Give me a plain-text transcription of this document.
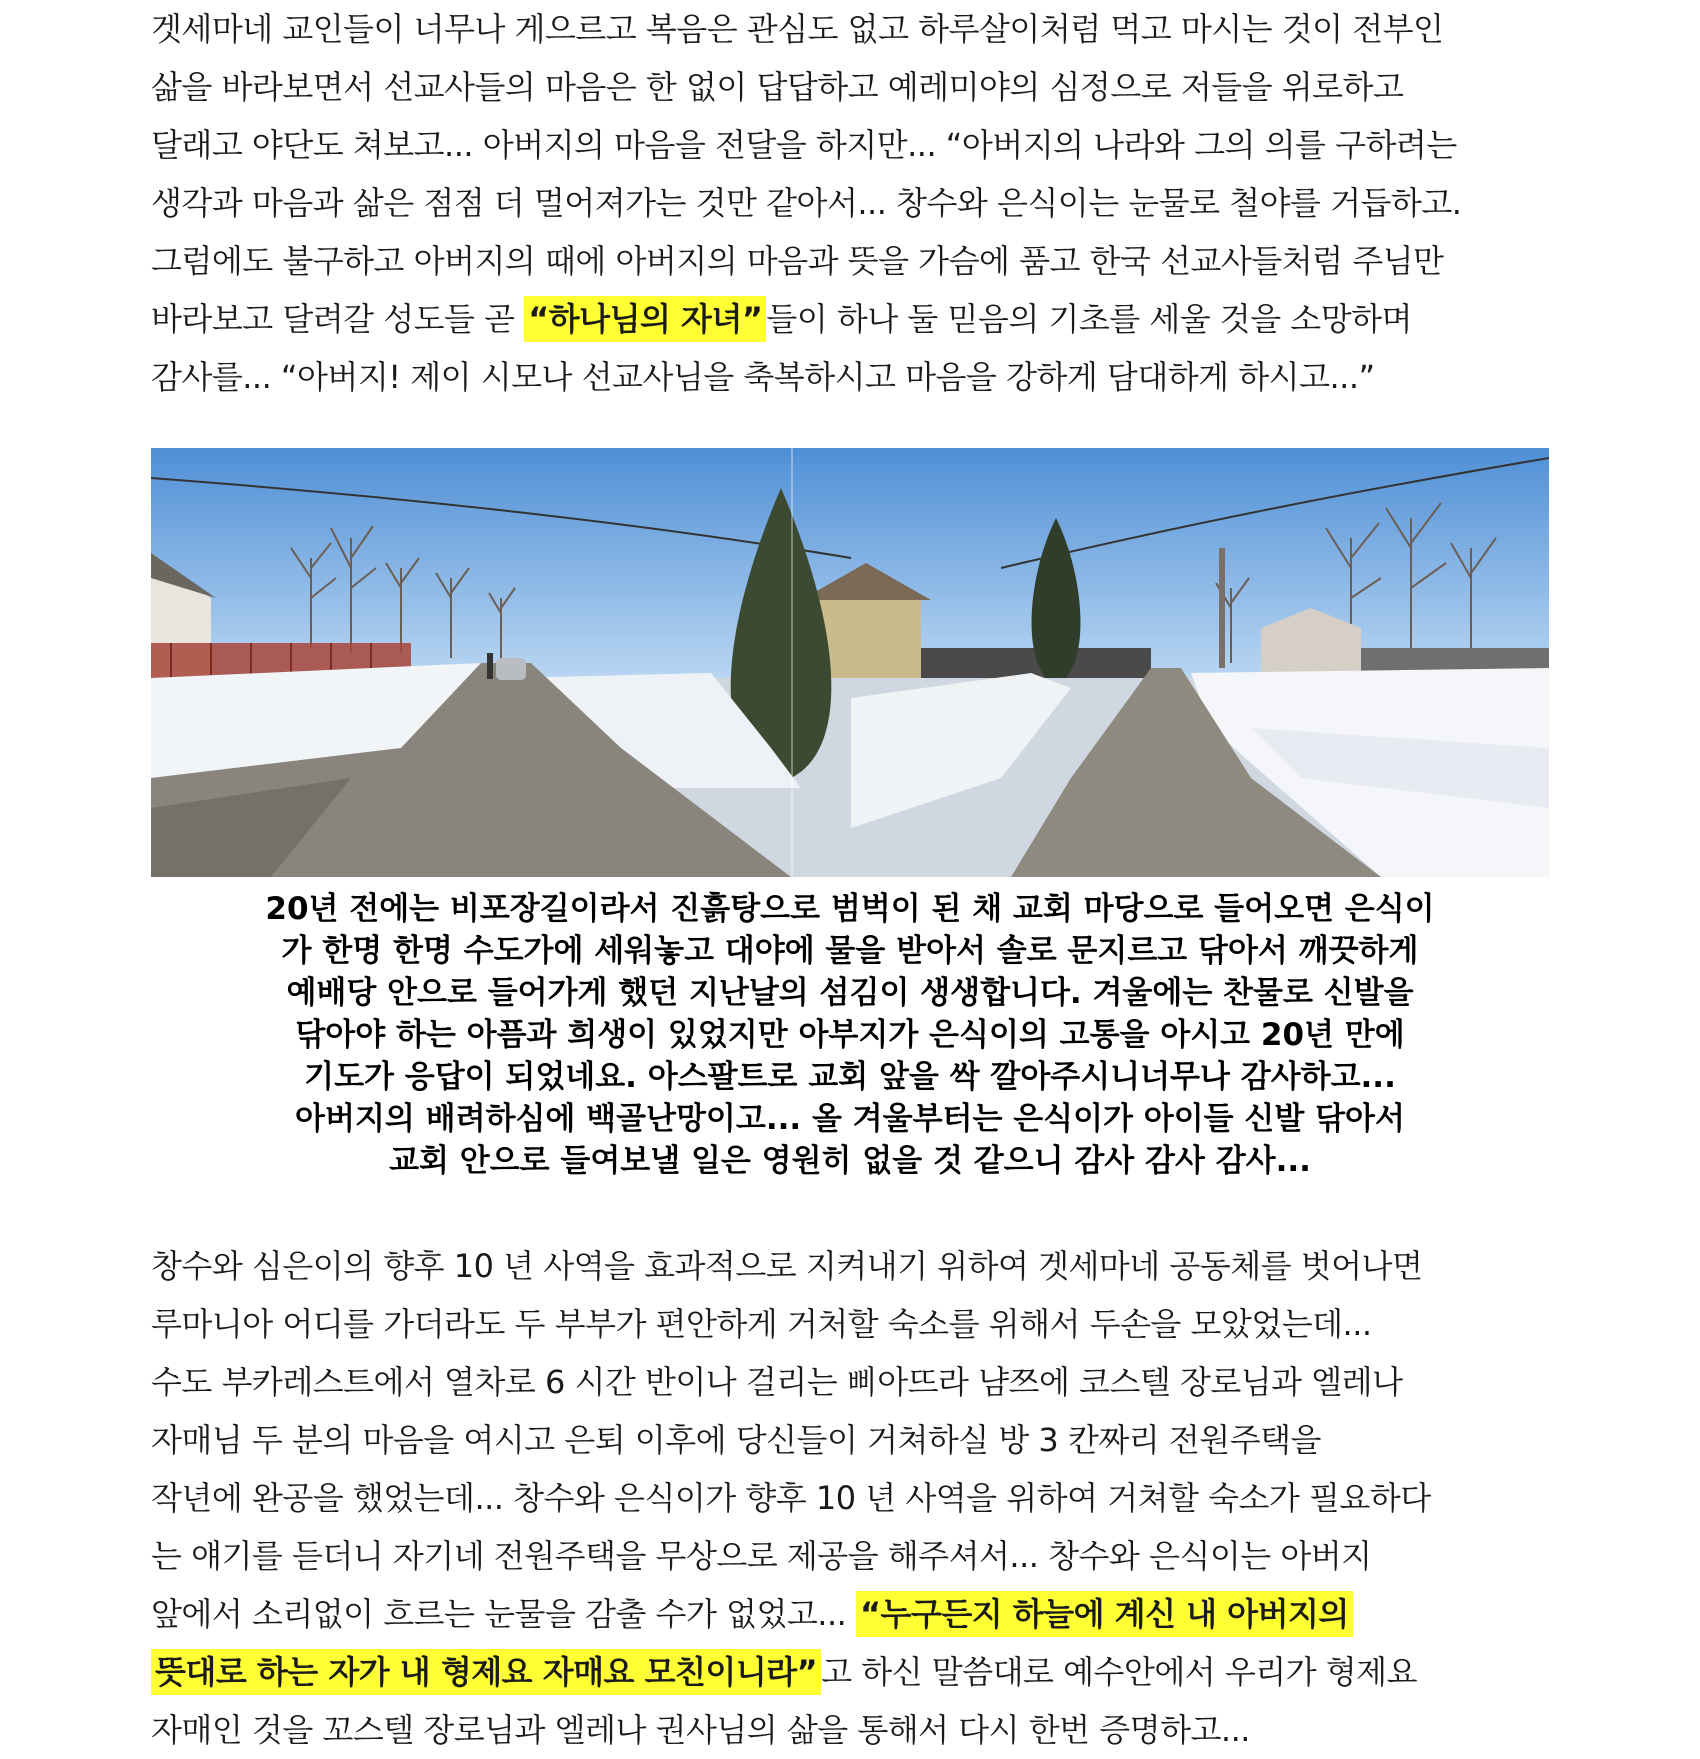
겟세마네 교인들이 너무나 게으르고 복음은 관심도 없고 하루살이처럼 먹고 마시는 것이 전부인
삶을 바라보면서 선교사들의 마음은 한 없이 답답하고 예레미야의 심정으로 저들을 위로하고
달래고 야단도 쳐보고... 아버지의 마음을 전달을 하지만... “아버지의 나라와 그의 의를 구하려는
생각과 마음과 삶은 점점 더 멀어져가는 것만 같아서... 창수와 은식이는 눈물로 철야를 거듭하고.
그럼에도 불구하고 아버지의 때에 아버지의 마음과 뜻을 가슴에 품고 한국 선교사들처럼 주님만
바라보고 달려갈 성도들 곧 “하나님의 자녀” 들이 하나 둘 믿음의 기초를 세울 것을 소망하며
감사를... “아버지! 제이 시모나 선교사님을 축복하시고 마음을 강하게 담대하게 하시고...”
20년 전에는 비포장길이라서 진흙탕으로 범벅이 된 채 교회 마당으로 들어오면 은식이
가 한명 한명 수도가에 세워놓고 대야에 물을 받아서 솔로 문지르고 닦아서 깨끗하게
예배당 안으로 들어가게 했던 지난날의 섬김이 생생합니다. 겨울에는 찬물로 신발을
닦아야 하는 아픔과 희생이 있었지만 아부지가 은식이의 고통을 아시고 20년 만에
기도가 응답이 되었네요. 아스팔트로 교회 앞을 싹 깔아주시니너무나 감사하고...
아버지의 배려하심에 백골난망이고... 올 겨울부터는 은식이가 아이들 신발 닦아서
교회 안으로 들여보낼 일은 영원히 없을 것 같으니 감사 감사 감사...
창수와 심은이의 향후 10 년 사역을 효과적으로 지켜내기 위하여 겟세마네 공동체를 벗어나면
루마니아 어디를 가더라도 두 부부가 편안하게 거처할 숙소를 위해서 두손을 모았었는데...
수도 부카레스트에서 열차로 6 시간 반이나 걸리는 삐아뜨라 냠쯔에 코스텔 장로님과 엘레나
자매님 두 분의 마음을 여시고 은퇴 이후에 당신들이 거쳐하실 방 3 칸짜리 전원주택을
작년에 완공을 했었는데... 창수와 은식이가 향후 10 년 사역을 위하여 거쳐할 숙소가 필요하다
는 얘기를 듣더니 자기네 전원주택을 무상으로 제공을 해주셔서... 창수와 은식이는 아버지
앞에서 소리없이 흐르는 눈물을 감출 수가 없었고... “누구든지 하늘에 계신 내 아버지의
뜻대로 하는 자가 내 형제요 자매요 모친이니라” 고 하신 말씀대로 예수안에서 우리가 형제요
자매인 것을 꼬스텔 장로님과 엘레나 권사님의 삶을 통해서 다시 한번 증명하고...
